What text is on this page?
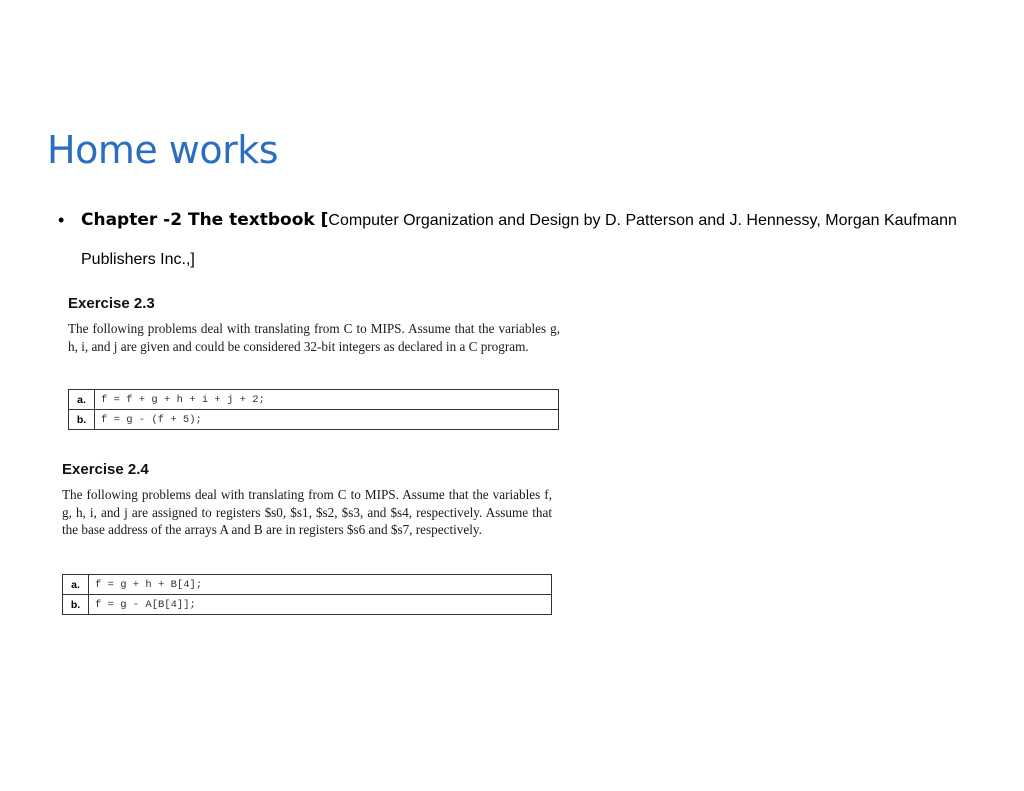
Home works
• Chapter -2 The textbook [Computer Organization and Design by D. Patterson and J. Hennessy, Morgan Kaufmann Publishers Inc.,]
Exercise 2.3

The following problems deal with translating from C to MIPS. Assume that the variables g, h, i, and j are given and could be considered 32-bit integers as declared in a C program.

a.	f = f + g + h + i + j + 2;
b.	f = g - (f + 5);
Exercise 2.4

The following problems deal with translating from C to MIPS. Assume that the variables f, g, h, i, and j are assigned to registers $s0, $s1, $s2, $s3, and $s4, respectively. Assume that the base address of the arrays A and B are in registers $s6 and $s7, respectively.

a.	f = g + h + B[4];
b.	f = g - A[B[4]];
